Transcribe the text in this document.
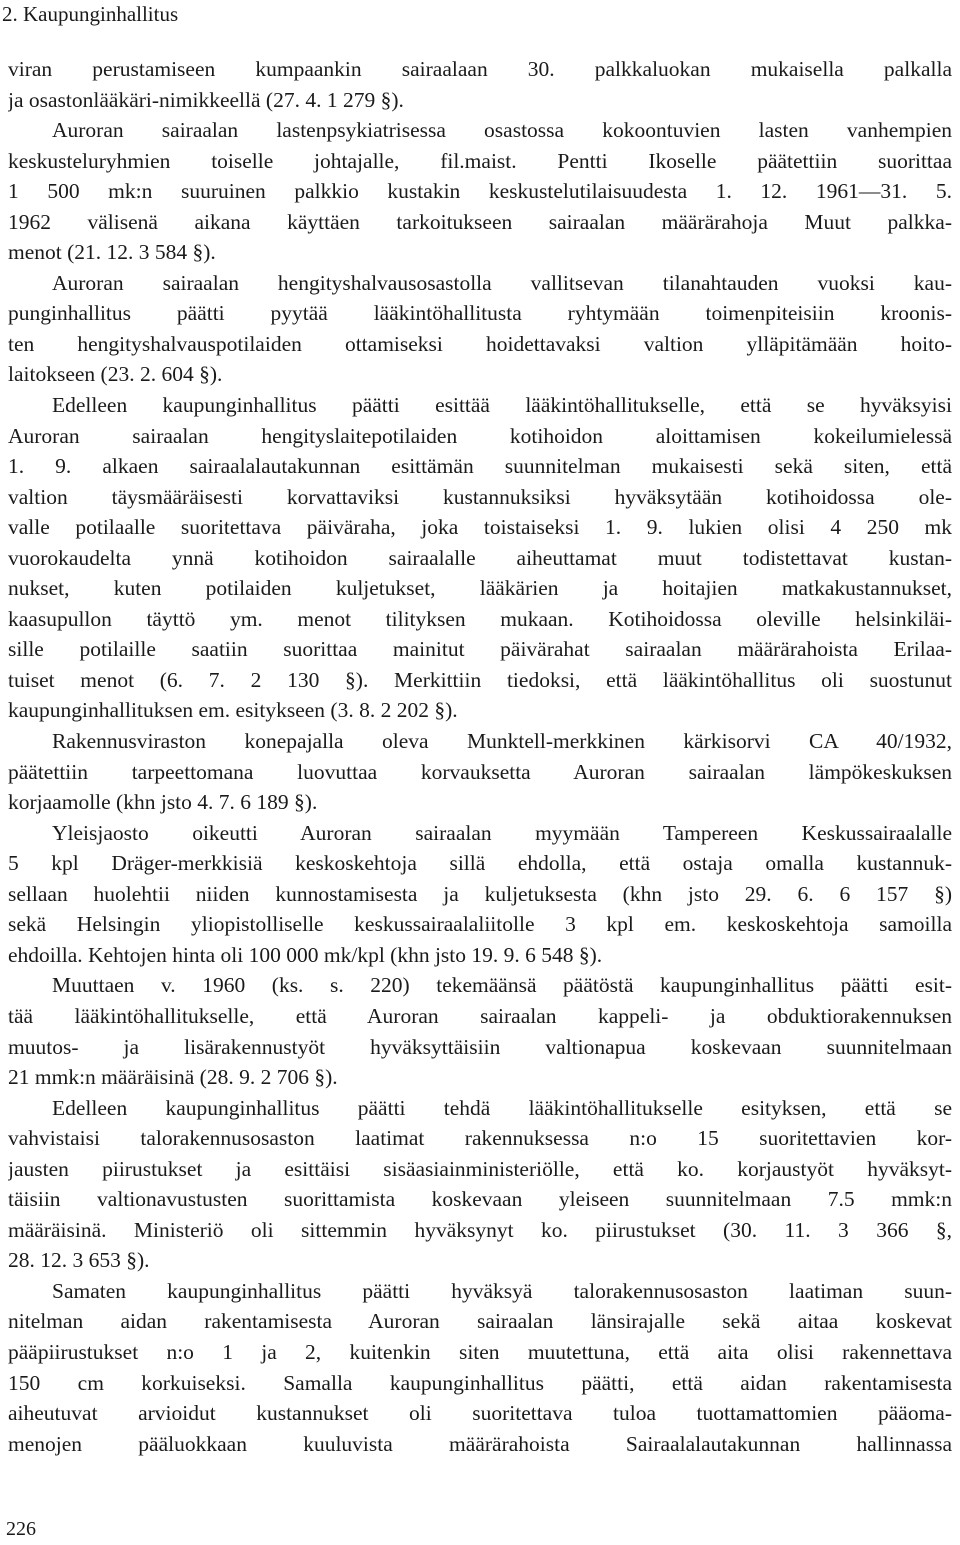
2. Kaupunginhallitus
viran perustamiseen kumpaankin sairaalaan 30. palkkaluokan mukaisella palkalla
ja osastonlääkäri-nimikkeellä (27. 4. 1 279 §).
Auroran sairaalan lastenpsykiatrisessa osastossa kokoontuvien lasten vanhempien
keskusteluryhmien toiselle johtajalle, fil.maist. Pentti Ikoselle päätettiin suorittaa
1 500 mk:n suuruinen palkkio kustakin keskustelutilaisuudesta 1. 12. 1961—31. 5.
1962 välisenä aikana käyttäen tarkoitukseen sairaalan määrärahoja Muut palkka-
menot (21. 12. 3 584 §).
Auroran sairaalan hengityshalvausosastolla vallitsevan tilanahtauden vuoksi kau-
punginhallitus päätti pyytää lääkintöhallitusta ryhtymään toimenpiteisiin kroonis-
ten hengityshalvauspotilaiden ottamiseksi hoidettavaksi valtion ylläpitämään hoito-
laitokseen (23. 2. 604 §).
Edelleen kaupunginhallitus päätti esittää lääkintöhallitukselle, että se hyväksyisi
Auroran sairaalan hengityslaitepotilaiden kotihoidon aloittamisen kokeilumielessä
1. 9. alkaen sairaalalautakunnan esittämän suunnitelman mukaisesti sekä siten, että
valtion täysmääräisesti korvattaviksi kustannuksiksi hyväksytään kotihoidossa ole-
valle potilaalle suoritettava päiväraha, joka toistaiseksi 1. 9. lukien olisi 4 250 mk
vuorokaudelta ynnä kotihoidon sairaalalle aiheuttamat muut todistettavat kustan-
nukset, kuten potilaiden kuljetukset, lääkärien ja hoitajien matkakustannukset,
kaasupullon täyttö ym. menot tilityksen mukaan. Kotihoidossa oleville helsinkiläi-
sille potilaille saatiin suorittaa mainitut päivärahat sairaalan määrärahoista Erilaa-
tuiset menot (6. 7. 2 130 §). Merkittiin tiedoksi, että lääkintöhallitus oli suostunut
kaupunginhallituksen em. esitykseen (3. 8. 2 202 §).
Rakennusviraston konepajalla oleva Munktell-merkkinen kärkisorvi CA 40/1932,
päätettiin tarpeettomana luovuttaa korvauksetta Auroran sairaalan lämpökeskuksen
korjaamolle (khn jsto 4. 7. 6 189 §).
Yleisjaosto oikeutti Auroran sairaalan myymään Tampereen Keskussairaalalle
5 kpl Dräger-merkkisiä keskoskehtoja sillä ehdolla, että ostaja omalla kustannuk-
sellaan huolehtii niiden kunnostamisesta ja kuljetuksesta (khn jsto 29. 6. 6 157 §)
sekä Helsingin yliopistolliselle keskussairaalaliitolle 3 kpl em. keskoskehtoja samoilla
ehdoilla. Kehtojen hinta oli 100 000 mk/kpl (khn jsto 19. 9. 6 548 §).
Muuttaen v. 1960 (ks. s. 220) tekemäänsä päätöstä kaupunginhallitus päätti esit-
tää lääkintöhallitukselle, että Auroran sairaalan kappeli- ja obduktiorakennuksen
muutos- ja lisärakennustyöt hyväksyttäisiin valtionapua koskevaan suunnitelmaan
21 mmk:n määräisinä (28. 9. 2 706 §).
Edelleen kaupunginhallitus päätti tehdä lääkintöhallitukselle esityksen, että se
vahvistaisi talorakennusosaston laatimat rakennuksessa n:o 15 suoritettavien kor-
jausten piirustukset ja esittäisi sisäasiainministeriölle, että ko. korjaustyöt hyväksyt-
täisiin valtionavustusten suorittamista koskevaan yleiseen suunnitelmaan 7.5 mmk:n
määräisinä. Ministeriö oli sittemmin hyväksynyt ko. piirustukset (30. 11. 3 366 §,
28. 12. 3 653 §).
Samaten kaupunginhallitus päätti hyväksyä talorakennusosaston laatiman suun-
nitelman aidan rakentamisesta Auroran sairaalan länsirajalle sekä aitaa koskevat
pääpiirustukset n:o 1 ja 2, kuitenkin siten muutettuna, että aita olisi rakennettava
150 cm korkuiseksi. Samalla kaupunginhallitus päätti, että aidan rakentamisesta
aiheutuvat arvioidut kustannukset oli suoritettava tuloa tuottamattomien pääoma-
menojen pääluokkaan kuuluvista määrärahoista Sairaalalautakunnan hallinnassa
226
